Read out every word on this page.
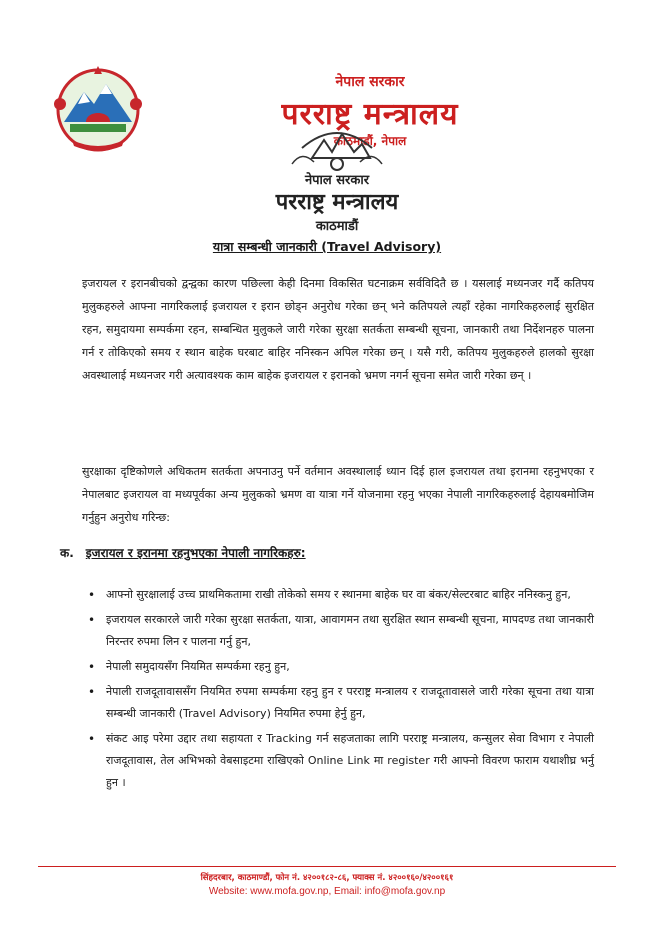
नेपाल सरकार
परराष्ट्र मन्त्रालय
काठमाडौं, नेपाल
नेपाल सरकार
परराष्ट्र मन्त्रालय
काठमाडौं
यात्रा सम्बन्धी जानकारी (Travel Advisory)
इजरायल र इरानबीचको द्वन्द्वका कारण पछिल्ला केही दिनमा विकसित घटनाक्रम सर्वविदितै छ । यसलाई मध्यनजर गर्दै कतिपय मुलुकहरुले आफ्ना नागरिकलाई इजरायल र इरान छोड्न अनुरोध गरेका छन् भने कतिपयले त्यहाँ रहेका नागरिकहरुलाई सुरक्षित रहन, समुदायमा सम्पर्कमा रहन, सम्बन्धित मुलुकले जारी गरेका सुरक्षा सतर्कता सम्बन्धी सूचना, जानकारी तथा निर्देशनहरु पालना गर्न र तोकिएको समय र स्थान बाहेक घरबाट बाहिर ननिस्कन अपिल गरेका छन् । यसै गरी, कतिपय मुलुकहरुले हालको सुरक्षा अवस्थालाई मध्यनजर गरी अत्यावश्यक काम बाहेक इजरायल र इरानको भ्रमण नगर्न सूचना समेत जारी गरेका छन् ।
सुरक्षाका दृष्टिकोणले अधिकतम सतर्कता अपनाउनु पर्ने वर्तमान अवस्थालाई ध्यान दिई हाल इजरायल तथा इरानमा रहनुभएका र नेपालबाट इजरायल वा मध्यपूर्वका अन्य मुलुकको भ्रमण वा यात्रा गर्ने योजनामा रहनु भएका नेपाली नागरिकहरुलाई देहायबमोजिम गर्नुहुन अनुरोध गरिन्छ:
क. इजरायल र इरानमा रहनुभएका नेपाली नागरिकहरु:
• आफ्नो सुरक्षालाई उच्च प्राथमिकतामा राखी तोकेको समय र स्थानमा बाहेक घर वा बंकर/सेल्टरबाट बाहिर ननिस्कनु हुन,
• इजरायल सरकारले जारी गरेका सुरक्षा सतर्कता, यात्रा, आवागमन तथा सुरक्षित स्थान सम्बन्धी सूचना, मापदण्ड तथा जानकारी निरन्तर रुपमा लिन र पालना गर्नु हुन,
• नेपाली समुदायसँग नियमित सम्पर्कमा रहनु हुन,
• नेपाली राजदूतावाससँग नियमित रुपमा सम्पर्कमा रहनु हुन र परराष्ट्र मन्त्रालय र राजदूतावासले जारी गरेका सूचना तथा यात्रा सम्बन्धी जानकारी (Travel Advisory) नियमित रुपमा हेर्नु हुन,
• संकट आइ परेमा उद्दार तथा सहायता र Tracking गर्न सहजताका लागि परराष्ट्र मन्त्रालय, कन्सुलर सेवा विभाग र नेपाली राजदूतावास, तेल अभिभको वेबसाइटमा राखिएको Online Link मा register गरी आफ्नो विवरण फाराम यथाशीघ्र भर्नु हुन ।
सिंहदरबार, काठमाण्डौं, फोन नं. ४२००१८२-८६, फ्याक्स नं. ४२००१६०/४२००१६१
Website: www.mofa.gov.np, Email: info@mofa.gov.np
